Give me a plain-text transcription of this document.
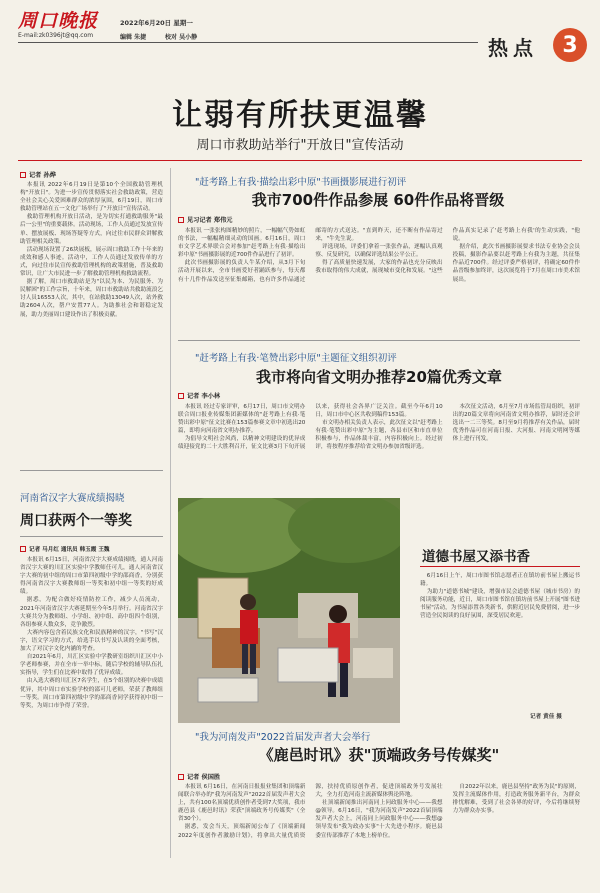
周口晚报
E-mail:zk0396jt@qq.com
2022年6月20日 星期一
编辑 朱捷	校对 吴小静	热点 3
让弱有所扶更温馨
周口市救助站举行"开放日"宣传活动
记者 孙烨

本报讯 2022年6月19日是第10个全国救助管理机构"开放日"。为进一步宣传贯彻落实社会救助政策，营造全社会关心关爱困难群众的浓厚氛围，6月19日，周口市救助管理站在五一文化广场举行了"开放日"宣传活动。

救助管理机构开放日活动，是为切实打通救助服务"最后一公里"的重要载体。活动现场，工作人员通过发放宣传单、摆放展板、现场答疑等方式，向过往市民群众讲解救助管理相关政策。

活动现场设置了26块展板，展示周口救助工作十年来的成效和感人事迹。活动中，工作人员通过发放传单的方式，向过往市民宣传救助管理机构的政策措施，普及救助常识，让广大市民进一步了解救助管理机构救助流程。

据了解，周口市救助站是为"以民为本、为民服务、为民解困"的工作宗旨，十年来，周口市救助站共救助流浪乞讨人员16553人次，其中，在站救助13049人次，站外救助2604人次，帮户安置77人。为助推社会和谐稳定发展，助力美丽周口建设作出了积极贡献。

河南省汉字大赛成绩揭晓
周口获两个一等奖
记者 马月红 通讯员 韩玉霞 王魏

本报讯 6月15日，河南省汉字大赛成绩揭晓，通人河南省汉字大赛的川汇区实验中学教师任可儿，通人河南省汉字大赛的初中组的周口市第四初级中学的邵商香，分别获得河南省汉字大赛教师组一等奖和初中组一等奖的好成绩。

据悉，为配合做好疫情防控工作，减少人员流动，2021年河南省汉字大赛延期至今年5月举行。河南省汉字大赛共分为教师组、小学组、初中组、高中组四个组别，各组参赛人数众多，竞争激烈。

大赛内容包含着民族文化和民族精神的汉字，"书写"汉字，语文学习的方式，给选手以书写及认读的全面考核，加大了对汉字文化内涵的考查。

自2021年6月，川汇区实验中学教研室组织川汇区中小学老师参赛，并在全市一举中标，随后学校的辅导队伍扎实指导，学生们在比赛中取得了优异成绩。

由入选大赛的川汇区7名学生，在5个组别的决赛中成绩优异，其中周口市实验学校的邵可儿老师，荣获了教师组一等奖。周口市第四初级中学的邵商香同学获得初中组一等奖，为周口市争得了荣誉。

"赶考路上有我·描绘出彩中原"书画摄影展进行初评
我市700件作品参展 60件作品将晋级
见习记者 郑伟元

本报讯 一张张构图精妙的照片，一幅幅气势如虹的书法，一幅幅精细灵动的国画。6月16日，周口市文学艺术界联合会对参加"赶考路上有我·描绘出彩中原"书画摄影展的近700件作品进行了初评。

此次书画摄影展的负责人牛某介绍，从3月下旬活动开展以来，全市书画爱好者踊跃参与，每天都有十几件作品发送至征集邮箱，也有许多作品通过邮寄的方式送达。"直到昨天，还不断有作品寄过来，"牛先生说。

评选现场，评委们拿着一张张作品，逐幅认真观察、反复研究，以确保评选结果公平公正。

得了高质量快速发展，大家的作品也充分反映出我市取得的伟大成就，展现城市变化和发展。"这些作品真实记录了'赶考路上有我'的生动实践，"他说。

据介绍，此次书画摄影展要求书法专业协会会员投稿，摄影作品要以赶考路上有我为主题，共征集作品近700件。经过评委严格初评，将确定60件作品晋级参加终评，这次展览将于7月在周口市美术馆展出。

"赶考路上有我·笔赞出彩中原"主题征文组织初评
我市将向省文明办推荐20篇优秀文章
记者 李小林

本报讯 经过专家评审，6月17日，周口市文明办联合周口报业传媒集团新媒体的"赶考路上有我·笔赞出彩中原"征文比赛在153篇参赛文章中初选出20篇，即将向河南省文明办推荐。

为倡导文明社会风尚，以精神文明建设的优异成绩迎接党的二十大胜利召开，征文比赛3月下旬开展以来，获得社会各界广泛关注。截至今年6月10日，周口市中心区共收到稿件153篇。

市文明办相关负责人表示，此次征文以"赶考路上有我·笔赞出彩中原"为主题，各县市区和市直单位积极参与，作品体裁丰富，内容积极向上。经过初评，将按程序推荐给省文明办参加省级评选。

本次征文活动，6月至7月市场监管局组织，初评出的20篇文章将向河南省文明办推荐，届时还会评选出一二三等奖。8月至9月将推荐有关作品，届时优秀作品可在河南日报、大河报、河南文明网等媒体上进行刊发。

道德书屋又添书香

6月16日上午，周口市图书馆志愿者正在镇坊前书屋上搬运书籍。

为助力"道德书城"建设，增强市民会道德书屋（城市书房）的阅读服务功能，近日，周口市图书馆在镇坊前书屋上开展"图书进书屋"活动，为书屋添置各类新书，供附近居民免费借阅，进一步营造全民阅读的良好氛围，深受居民欢迎。

记者 黄佳 摄
"我为河南发声"2022首届发声者大会举行
《鹿邑时讯》获"顶端政务号传媒奖"
记者 侯国胜

本报讯 6月16日，在河南日报报业集团和顶端新闻联合举办的"我为河南发声"2022首届发声者大会上，共有100名顶端优质创作者受到7大奖项，我市鹿邑县《鹿邑时讯》荣获"顶端政务号传媒奖"（全省30个）。

据悉，发会当天，顶端新闻公布了《顶端新闻2022年度创作者激励计划》，将拿出大量优质资源，扶持优质原创作者，促进顶端政务号发展壮大，全力打造河南主流新媒体舆论阵地。

社顶端新闻推出河南同上问政服务中心——我想@领导。6月16日，"我为河南发声"2022首届顶端发声者大会上，河南同上问政服务中心——我想@领导发布"我为政办实事"十大先进小程序。鹿邑县委宣传部推荐了本地上榜单位。

自2022年以来，鹿邑县坚持"政务为民"的原则，发挥主流媒体作用，打造政务服务新平台，为群众排忧解难，受到了社会各界的好评，今后将继续努力为群众办实事。
